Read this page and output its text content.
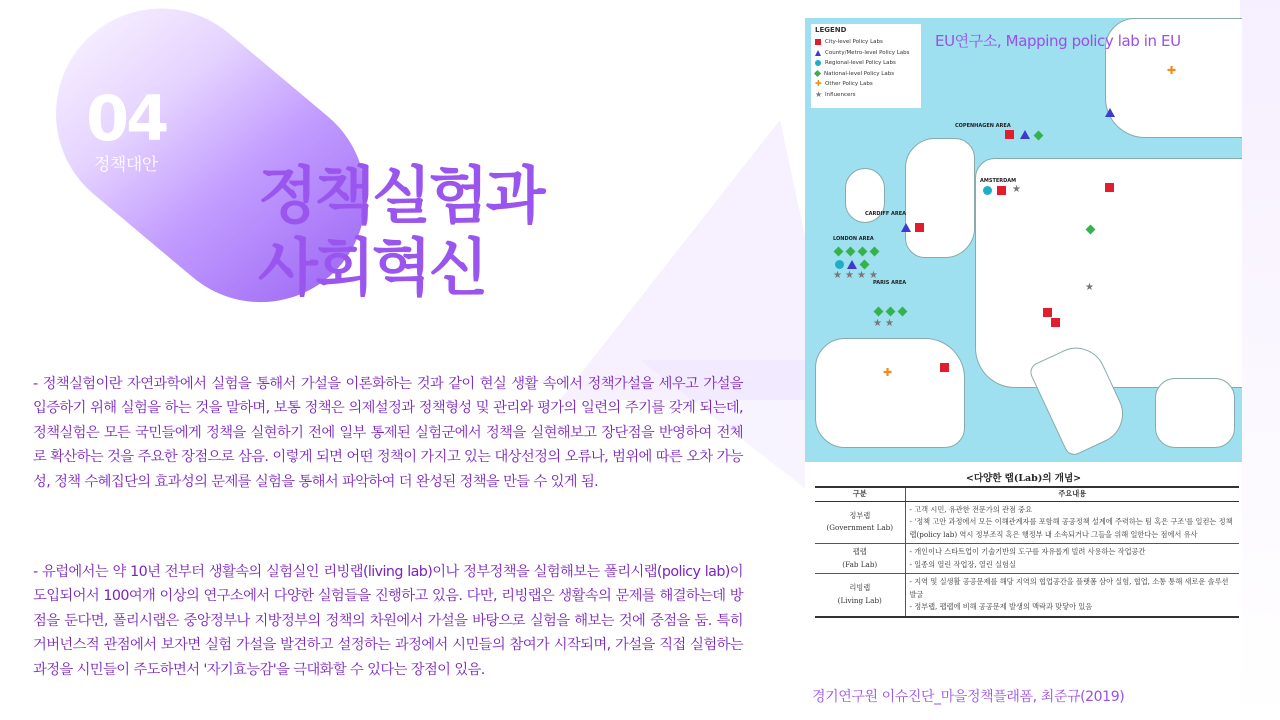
04
정책대안 정책실험과
사회혁신
- 정책실험이란 자연과학에서 실험을 통해서 가설을 이론화하는 것과 같이 현실 생활 속에서 정책가설을 세우고 가설을 입증하기 위해 실험을 하는 것을 말하며, 보통 정책은 의제설정과 정책형성 및 관리와 평가의 일련의 주기를 갖게 되는데, 정책실험은 모든 국민들에게 정책을 실현하기 전에 일부 통제된 실험군에서 정책을 실현해보고 장단점을 반영하여 전체로 확산하는 것을 주요한 장점으로 삼음. 이렇게 되면 어떤 정책이 가지고 있는 대상선정의 오류나, 범위에 따른 오차 가능성, 정책 수혜집단의 효과성의 문제를 실험을 통해서 파악하여 더 완성된 정책을 만들 수 있게 됨.
- 유럽에서는 약 10년 전부터 생활속의 실험실인 리빙랩(living lab)이나 정부정책을 실험해보는 폴리시랩(policy lab)이 도입되어서 100여개 이상의 연구소에서 다양한 실험들을 진행하고 있음. 다만, 리빙랩은 생활속의 문제를 해결하는데 방점을 둔다면, 폴리시랩은 중앙정부나 지방정부의 정책의 차원에서 가설을 바탕으로 실험을 해보는 것에 중점을 둠. 특히 거버넌스적 관점에서 보자면 실험 가설을 발견하고 설정하는 과정에서 시민들의 참여가 시작되며, 가설을 직접 실험하는 과정을 시민들이 주도하면서 '자기효능감'을 극대화할 수 있다는 장점이 있음.
LEGEND
City-level Policy Labs
County/Metro-level Policy Labs
Regional-level Policy Labs
National-level Policy Labs
✚ Other Policy Labs
★ Influencers
COPENHAGEN AREA
AMSTERDAM
CARDIFF AREA
LONDON AREA
PARIS AREA
★
★ ★ ★ ★
★ ★
✚
✚
★
EU연구소, Mapping policy lab in EU
<다양한 랩(Lab)의 개념>
구분	주요내용

정부랩
(Government Lab)	- 고객 시민, 유관한 전문가의 관점 중요
- '정책 고안 과정에서 모든 이해관계자를 포함해 공공정책 설계에 주력하는 팀 혹은 구조'를 일컫는 정책랩(policy lab) 역시 정부조직 혹은 행정부 내 소속되거나 그들을 위해 일한다는 점에서 유사

팹랩
(Fab Lab)	- 개인이나 스타트업이 기술기반의 도구를 자유롭게 빌려 사용하는 작업공간
- 일종의 열린 작업장, 열린 실험실

리빙랩
(Living Lab)	- 지역 및 실생활 공공문제를 해당 지역의 협업공간을 플랫폼 삼아 실험, 협업, 소통 통해 새로운 솔루션 발굴
- 정부랩, 팹랩에 비해 공공문제 발생의 맥락과 맞닿아 있음
경기연구원 이슈진단_마을정책플래폼, 최준규(2019)
